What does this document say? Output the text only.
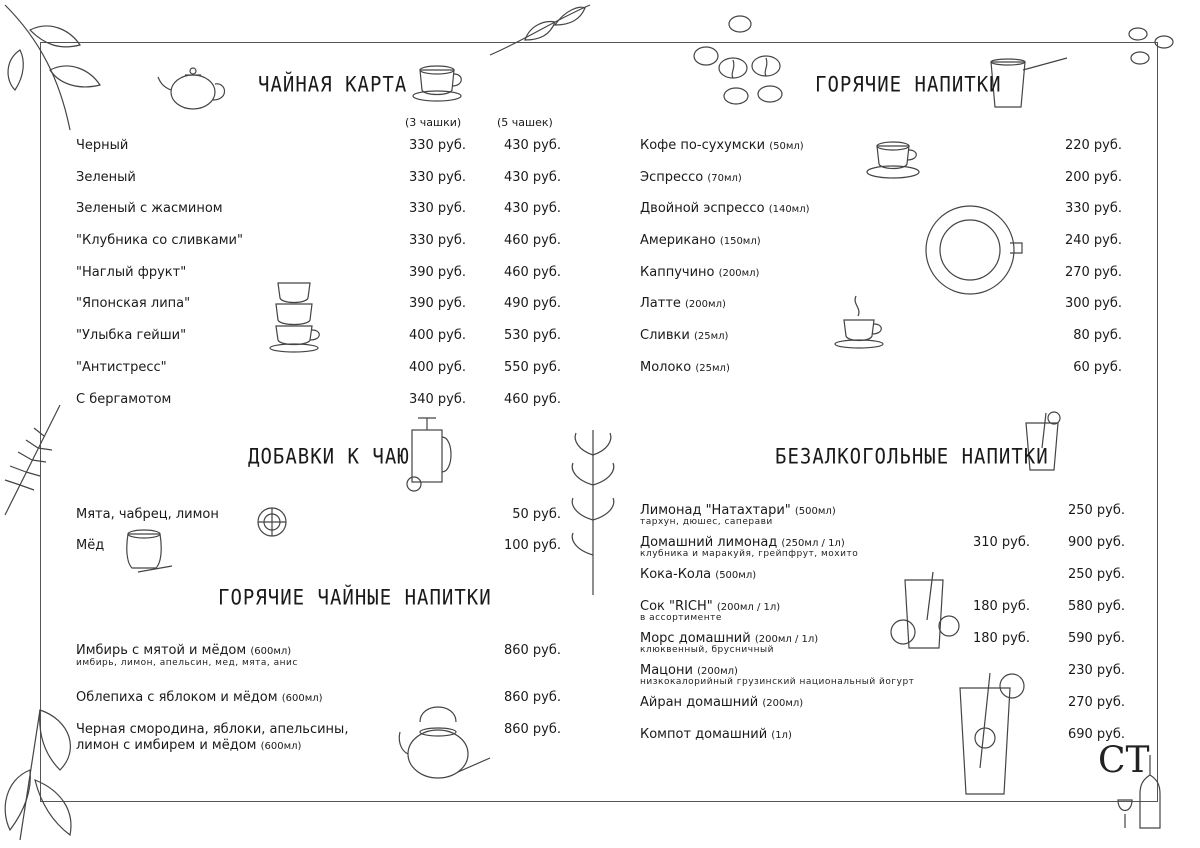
СТ
ЧАЙНАЯ КАРТА
(3 чашки)	(5 чашек)
Черный	330 руб.	430 руб.
Зеленый	330 руб.	430 руб.
Зеленый с жасмином	330 руб.	430 руб.
"Клубника со сливками"	330 руб.	460 руб.
"Наглый фрукт"	390 руб.	460 руб.
"Японская липа"	390 руб.	490 руб.
"Улыбка гейши"	400 руб.	530 руб.
"Антистресс"	400 руб.	550 руб.
С бергамотом	340 руб.	460 руб.
ДОБАВКИ К ЧАЮ
Мята, чабрец, лимон	50 руб.
Мёд	100 руб.
ГОРЯЧИЕ ЧАЙНЫЕ НАПИТКИ
Имбирь с мятой и мёдом (600мл)
имбирь, лимон, апельсин, мед, мята, анис
860 руб.
Облепиха с яблоком и мёдом (600мл)	860 руб.
Черная смородина, яблоки, апельсины,
лимон с имбирем и мёдом (600мл)
860 руб.
ГОРЯЧИЕ НАПИТКИ
Кофе по-сухумски (50мл)	220 руб.
Эспрессо (70мл)	200 руб.
Двойной эспрессо (140мл)	330 руб.
Американо (150мл)	240 руб.
Каппучино (200мл)	270 руб.
Латте (200мл)	300 руб.
Сливки (25мл)	80 руб.
Молоко (25мл)	60 руб.
БЕЗАЛКОГОЛЬНЫЕ НАПИТКИ
Лимонад "Натахтари" (500мл)
тархун, дюшес, саперави
250 руб.
Домашний лимонад (250мл / 1л)
клубника и маракуйя, грейпфрут, мохито
310 руб.	900 руб.
Кока-Кола (500мл)	250 руб.
Сок "RICH" (200мл / 1л)
в ассортименте
180 руб.	580 руб.
Морс домашний (200мл / 1л)
клюквенный, брусничный
180 руб.	590 руб.
Мацони (200мл)
низкокалорийный грузинский национальный йогурт
230 руб.
Айран домашний (200мл)	270 руб.
Компот домашний (1л)	690 руб.
